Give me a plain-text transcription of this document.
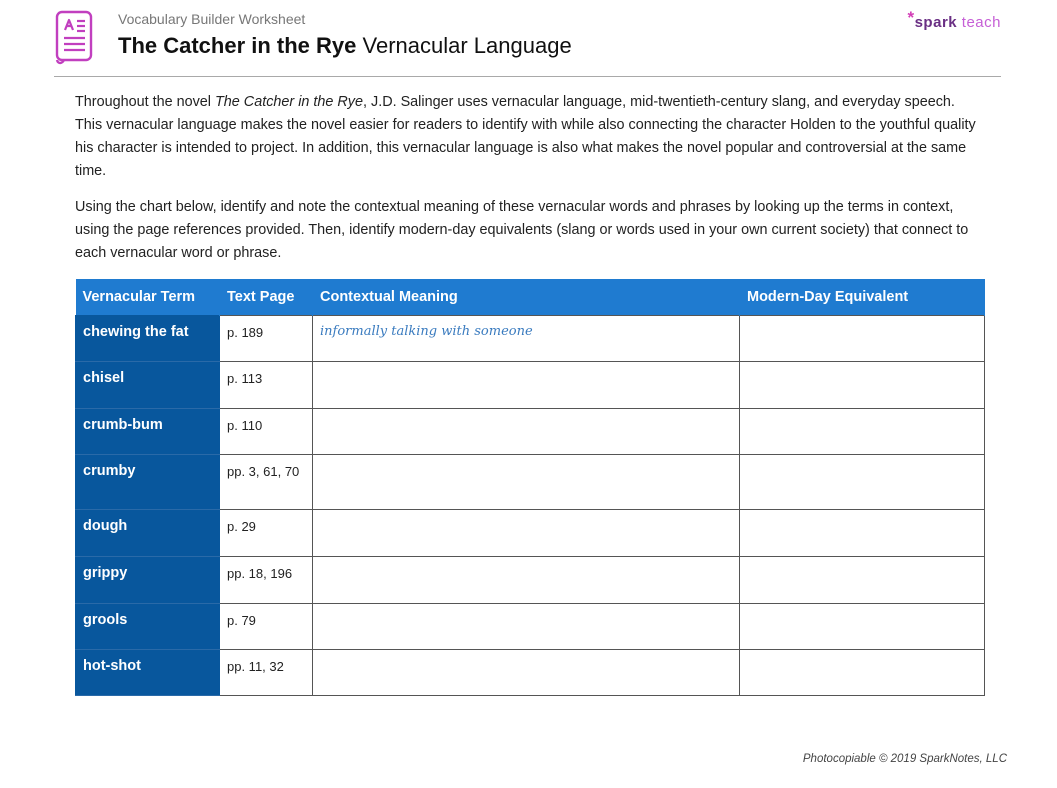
Vocabulary Builder Worksheet
The Catcher in the Rye Vernacular Language
*spark teach

Throughout the novel The Catcher in the Rye, J.D. Salinger uses vernacular language, mid-twentieth-century slang, and everyday speech. This vernacular language makes the novel easier for readers to identify with while also connecting the character Holden to the youthful quality his character is intended to project. In addition, this vernacular language is also what makes the novel popular and controversial at the same time.

Using the chart below, identify and note the contextual meaning of these vernacular words and phrases by looking up the terms in context, using the page references provided. Then, identify modern-day equivalents (slang or words used in your own current society) that connect to each vernacular word or phrase.

Vernacular Term	Text Page	Contextual Meaning	Modern-Day Equivalent
chewing the fat	p. 189	informally talking with someone	
chisel	p. 113		
crumb-bum	p. 110		
crumby	pp. 3, 61, 70		
dough	p. 29		
grippy	pp. 18, 196		
grools	p. 79		
hot-shot	pp. 11, 32		
Photocopiable © 2019 SparkNotes, LLC
